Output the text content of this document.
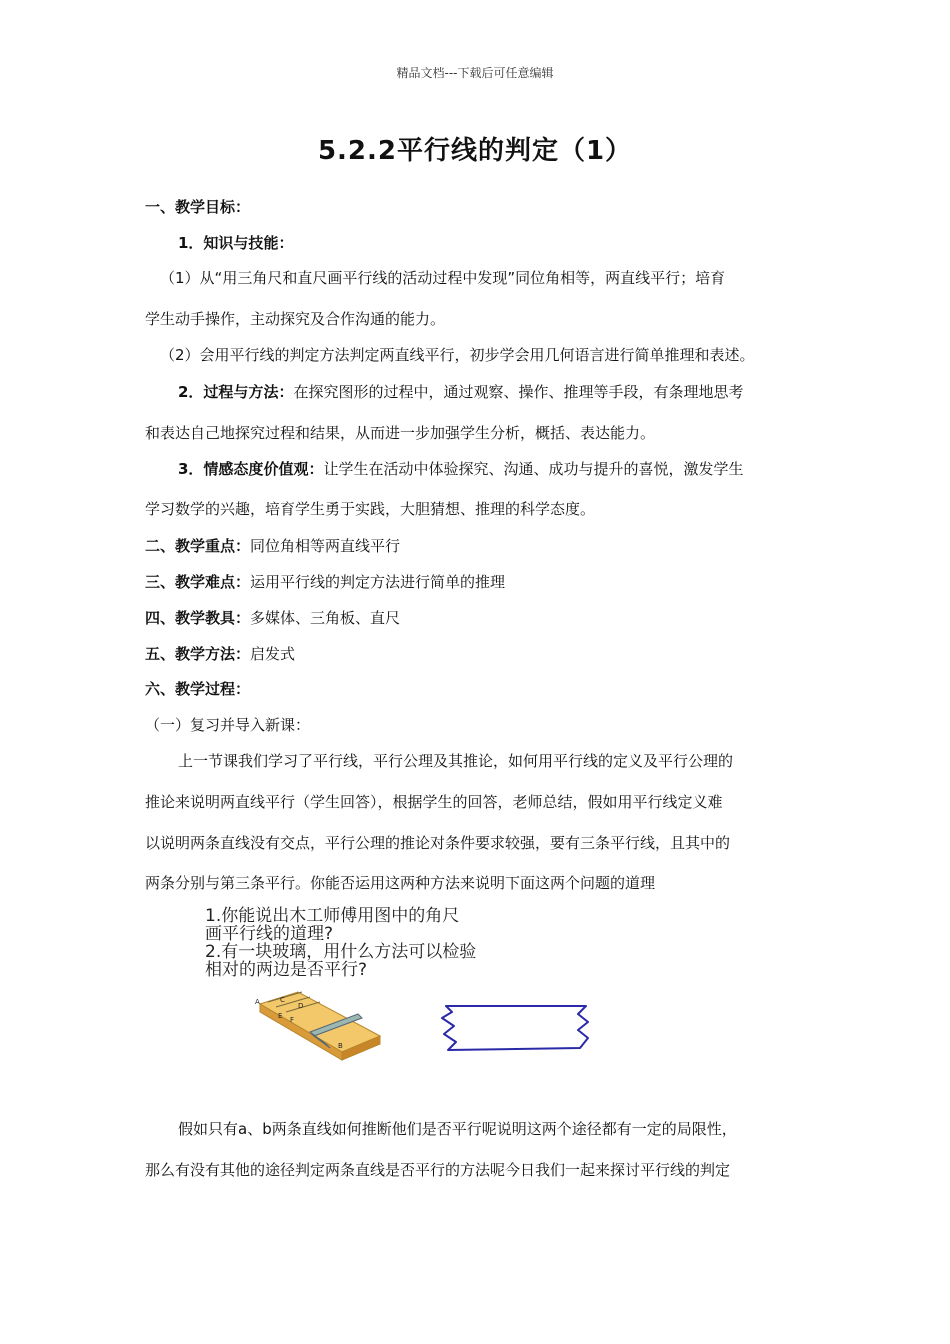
精品文档---下载后可任意编辑
5.2.2平行线的判定（1）
一、教学目标：
1．知识与技能：
（1）从“用三角尺和直尺画平行线的活动过程中发现”同位角相等，两直线平行；培育
学生动手操作，主动探究及合作沟通的能力。
（2）会用平行线的判定方法判定两直线平行，初步学会用几何语言进行简单推理和表述。
2．过程与方法：在探究图形的过程中，通过观察、操作、推理等手段，有条理地思考
和表达自己地探究过程和结果，从而进一步加强学生分析，概括、表达能力。
3．情感态度价值观：让学生在活动中体验探究、沟通、成功与提升的喜悦，激发学生
学习数学的兴趣，培育学生勇于实践，大胆猜想、推理的科学态度。
二、教学重点：同位角相等两直线平行
三、教学难点：运用平行线的判定方法进行简单的推理
四、教学教具：多媒体、三角板、直尺
五、教学方法：启发式
六、教学过程：
（一）复习并导入新课：
上一节课我们学习了平行线，平行公理及其推论，如何用平行线的定义及平行公理的
推论来说明两直线平行（学生回答），根据学生的回答，老师总结，假如用平行线定义难
以说明两条直线没有交点，平行公理的推论对条件要求较强，要有三条平行线，且其中的
两条分别与第三条平行。你能否运用这两种方法来说明下面这两个问题的道理
1.你能说出木工师傅用图中的角尺
画平行线的道理?
2.有一块玻璃，用什么方法可以检验
相对的两边是否平行?
A	C
D
E F
B
假如只有a、b两条直线如何推断他们是否平行呢说明这两个途径都有一定的局限性，
那么有没有其他的途径判定两条直线是否平行的方法呢今日我们一起来探讨平行线的判定
